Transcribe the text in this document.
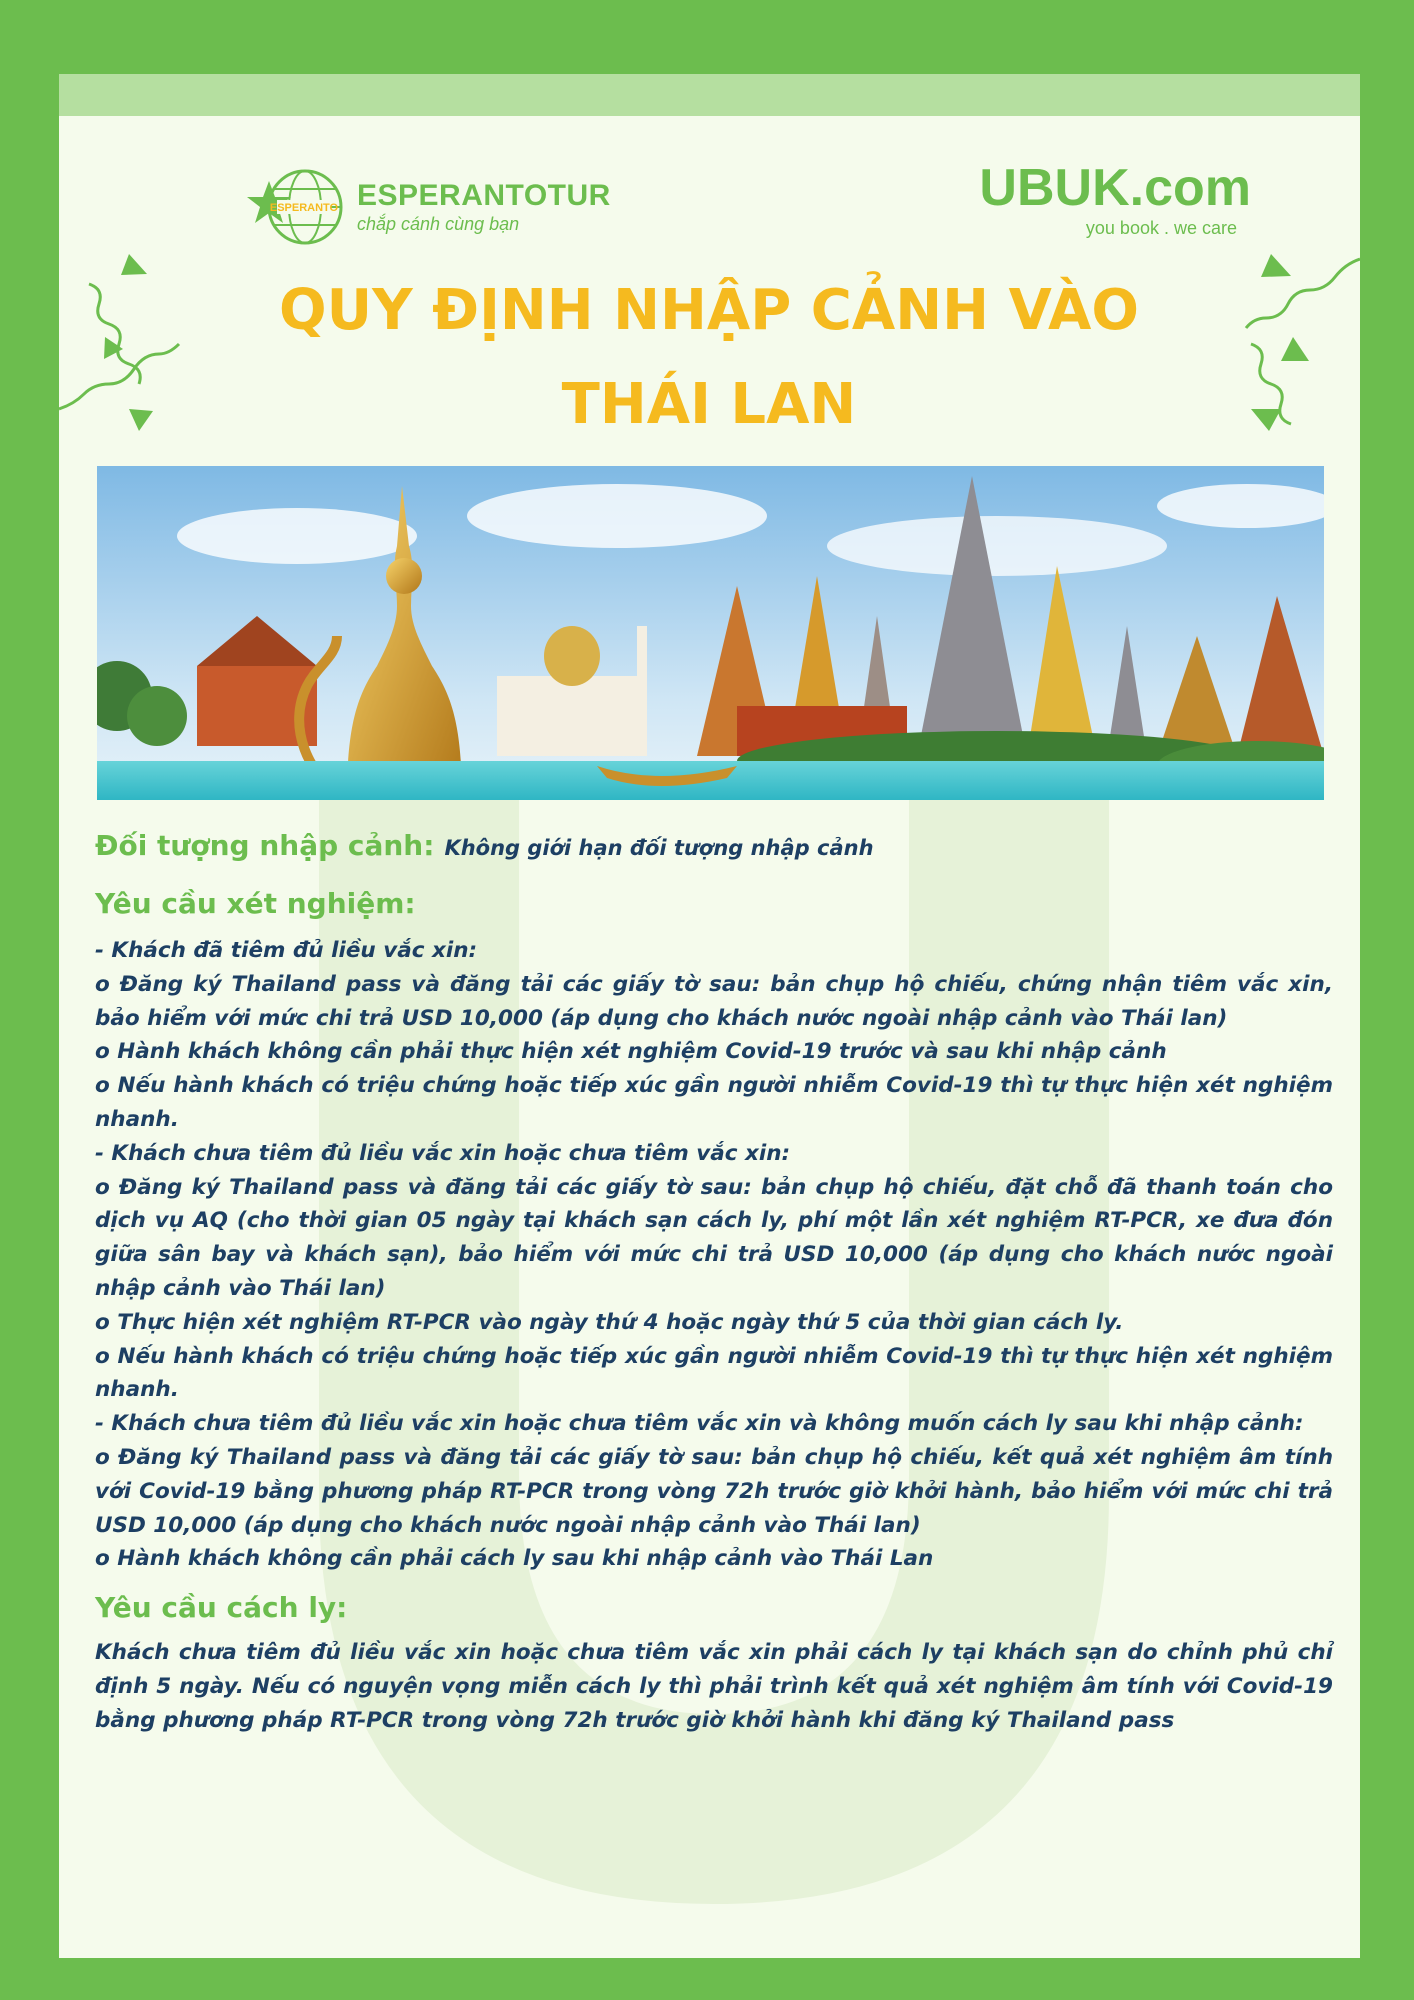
ESPERANTO ESPERANTOTUR
chắp cánh cùng bạn
UBUK.com
you book . we care
QUY ĐỊNH NHẬP CẢNH VÀO
THÁI LAN
Đối tượng nhập cảnh: Không giới hạn đối tượng nhập cảnh
Yêu cầu xét nghiệm:

- Khách đã tiêm đủ liều vắc xin:

o Đăng ký Thailand pass và đăng tải các giấy tờ sau: bản chụp hộ chiếu, chứng nhận tiêm vắc xin, bảo hiểm với mức chi trả USD 10,000 (áp dụng cho khách nước ngoài nhập cảnh vào Thái lan)

o Hành khách không cần phải thực hiện xét nghiệm Covid-19 trước và sau khi nhập cảnh

o Nếu hành khách có triệu chứng hoặc tiếp xúc gần người nhiễm Covid-19 thì tự thực hiện xét nghiệm nhanh.

- Khách chưa tiêm đủ liều vắc xin hoặc chưa tiêm vắc xin:

o Đăng ký Thailand pass và đăng tải các giấy tờ sau: bản chụp hộ chiếu, đặt chỗ đã thanh toán cho dịch vụ AQ (cho thời gian 05 ngày tại khách sạn cách ly, phí một lần xét nghiệm RT-PCR, xe đưa đón giữa sân bay và khách sạn), bảo hiểm với mức chi trả USD 10,000 (áp dụng cho khách nước ngoài nhập cảnh vào Thái lan)

o Thực hiện xét nghiệm RT-PCR vào ngày thứ 4 hoặc ngày thứ 5 của thời gian cách ly.

o Nếu hành khách có triệu chứng hoặc tiếp xúc gần người nhiễm Covid-19 thì tự thực hiện xét nghiệm nhanh.

- Khách chưa tiêm đủ liều vắc xin hoặc chưa tiêm vắc xin và không muốn cách ly sau khi nhập cảnh:

o Đăng ký Thailand pass và đăng tải các giấy tờ sau: bản chụp hộ chiếu, kết quả xét nghiệm âm tính với Covid-19 bằng phương pháp RT-PCR trong vòng 72h trước giờ khởi hành, bảo hiểm với mức chi trả USD 10,000 (áp dụng cho khách nước ngoài nhập cảnh vào Thái lan)

o Hành khách không cần phải cách ly sau khi nhập cảnh vào Thái Lan

Yêu cầu cách ly:

Khách chưa tiêm đủ liều vắc xin hoặc chưa tiêm vắc xin phải cách ly tại khách sạn do chỉnh phủ chỉ định 5 ngày. Nếu có nguyện vọng miễn cách ly thì phải trình kết quả xét nghiệm âm tính với Covid-19 bằng phương pháp RT-PCR trong vòng 72h trước giờ khởi hành khi đăng ký Thailand pass
